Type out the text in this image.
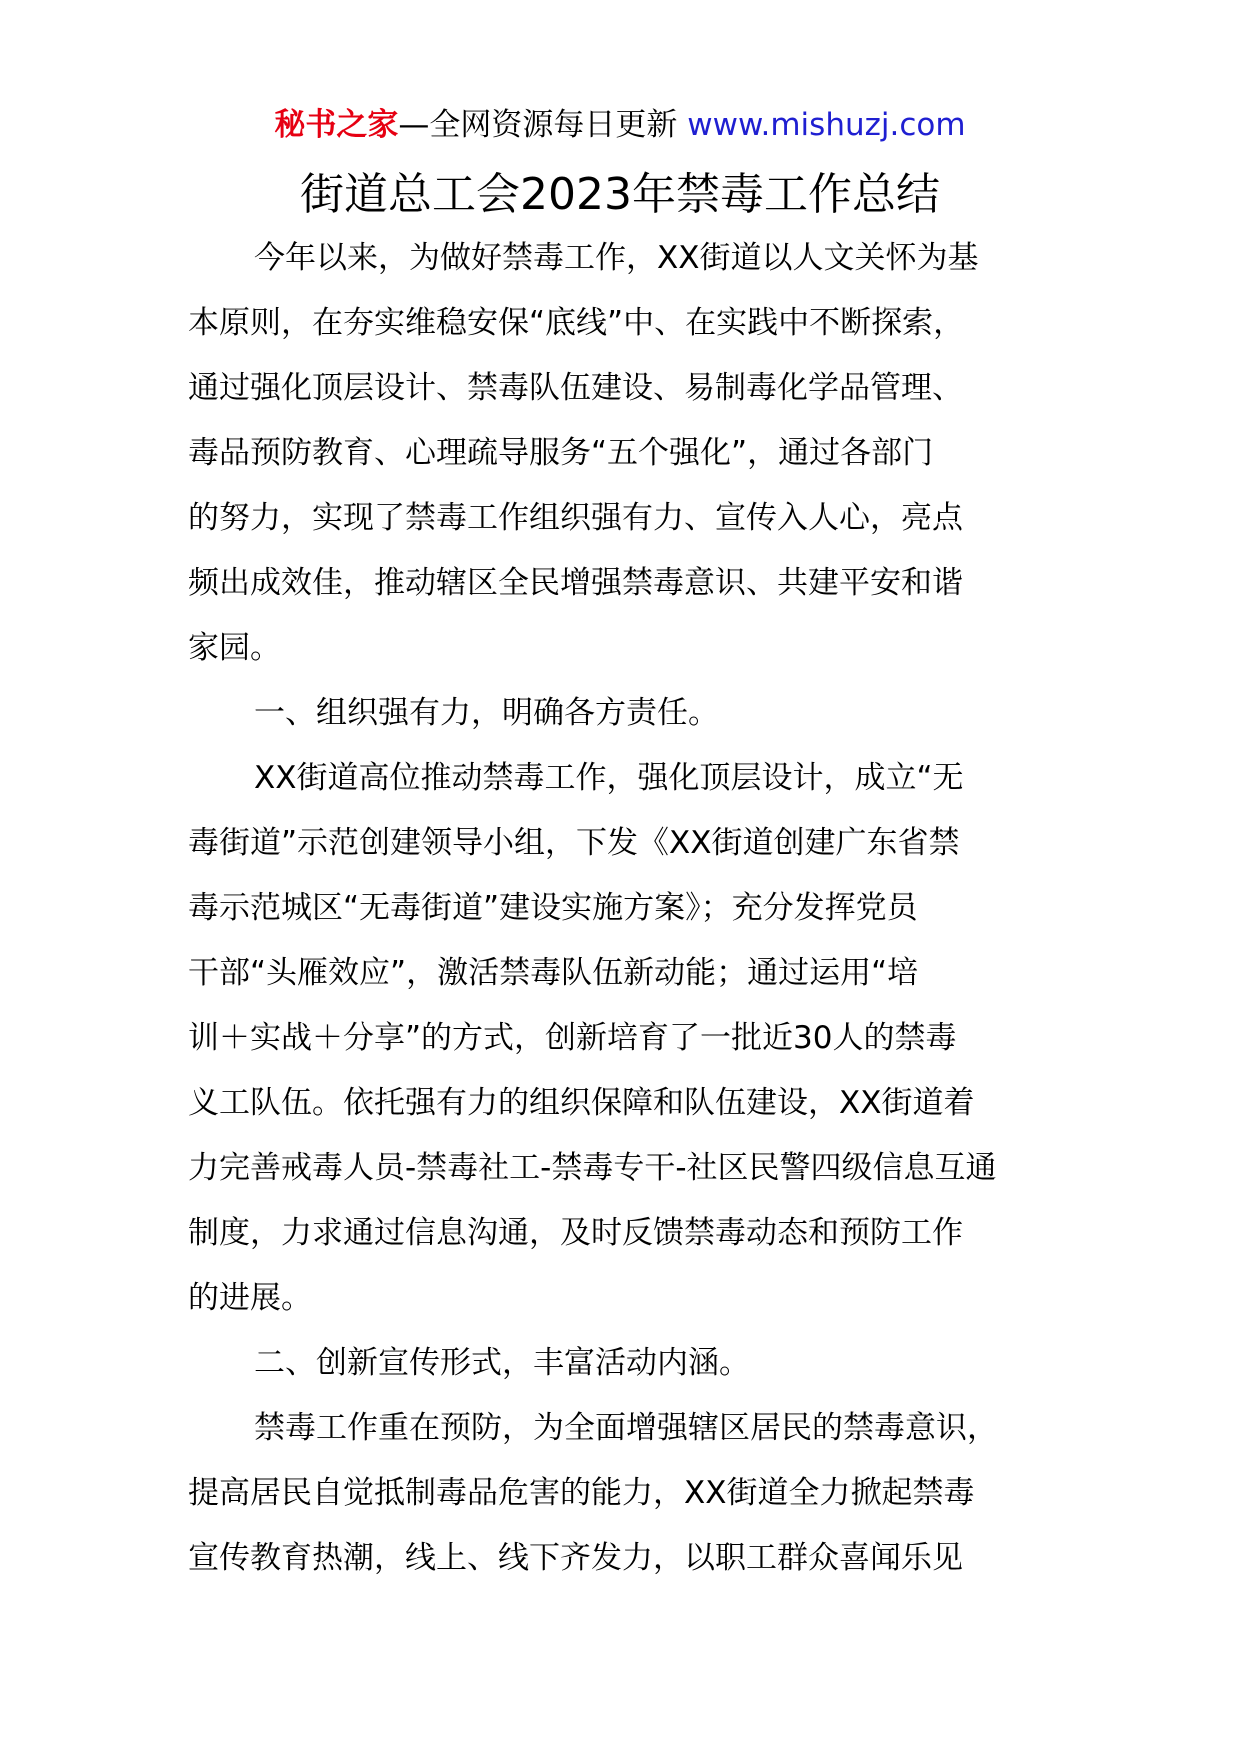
秘书之家—全网资源每日更新 www.mishuzj.com
街道总工会2023年禁毒工作总结
今年以来，为做好禁毒工作，XX街道以人文关怀为基
本原则，在夯实维稳安保“底线”中、在实践中不断探索，
通过强化顶层设计、禁毒队伍建设、易制毒化学品管理、
毒品预防教育、心理疏导服务“五个强化”，通过各部门
的努力，实现了禁毒工作组织强有力、宣传入人心，亮点
频出成效佳，推动辖区全民增强禁毒意识、共建平安和谐
家园。
一、组织强有力，明确各方责任。
XX街道高位推动禁毒工作，强化顶层设计，成立“无
毒街道”示范创建领导小组，下发《XX街道创建广东省禁
毒示范城区“无毒街道”建设实施方案》；充分发挥党员
干部“头雁效应”，激活禁毒队伍新动能；通过运用“培
训＋实战＋分享”的方式，创新培育了一批近30人的禁毒
义工队伍。依托强有力的组织保障和队伍建设，XX街道着
力完善戒毒人员-禁毒社工-禁毒专干-社区民警四级信息互通
制度，力求通过信息沟通，及时反馈禁毒动态和预防工作
的进展。
二、创新宣传形式，丰富活动内涵。
禁毒工作重在预防，为全面增强辖区居民的禁毒意识，
提高居民自觉抵制毒品危害的能力，XX街道全力掀起禁毒
宣传教育热潮，线上、线下齐发力，以职工群众喜闻乐见
